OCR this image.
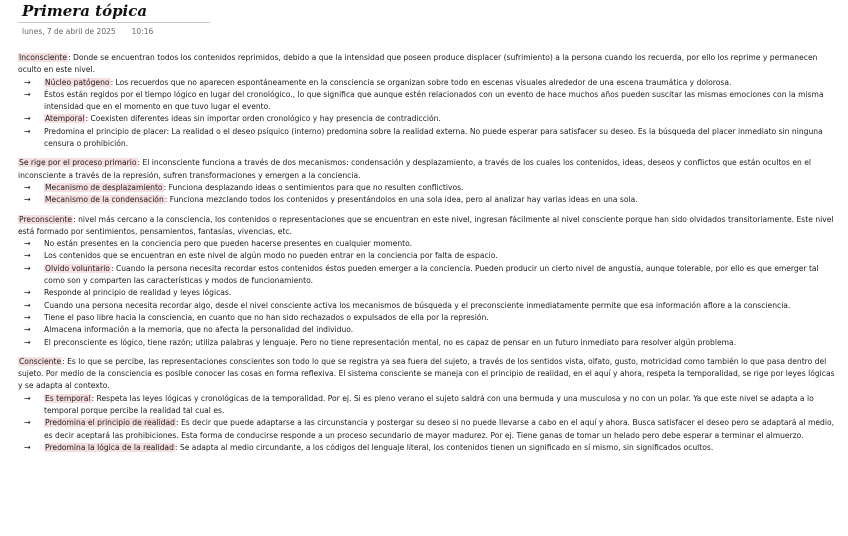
Primera tópica
lunes, 7 de abril de 2025 10:16

Inconsciente: Donde se encuentran todos los contenidos reprimidos, debido a que la intensidad que poseen produce displacer (sufrimiento) a la persona cuando los recuerda, por ello los reprime y permanecen oculto en este nivel.

→ Núcleo patógeno: Los recuerdos que no aparecen espontáneamente en la consciencia se organizan sobre todo en escenas visuales alrededor de una escena traumática y dolorosa.
→ Éstos están regidos por el tiempo lógico en lugar del cronológico., lo que significa que aunque estén relacionados con un evento de hace muchos años pueden suscitar las mismas emociones con la misma intensidad que en el momento en que tuvo lugar el evento.
→ Atemporal: Coexisten diferentes ideas sin importar orden cronológico y hay presencia de contradicción.
→ Predomina el principio de placer: La realidad o el deseo psíquico (interno) predomina sobre la realidad externa. No puede esperar para satisfacer su deseo. Es la búsqueda del placer inmediato sin ninguna censura o prohibición.

Se rige por el proceso primario: El inconsciente funciona a través de dos mecanismos: condensación y desplazamiento, a través de los cuales los contenidos, ideas, deseos y conflictos que están ocultos en el inconsciente a través de la represión, sufren transformaciones y emergen a la conciencia.

→ Mecanismo de desplazamiento: Funciona desplazando ideas o sentimientos para que no resulten conflictivos.
→ Mecanismo de la condensación: Funciona mezclando todos los contenidos y presentándolos en una sola idea, pero al analizar hay varias ideas en una sola.

Preconsciente: nivel más cercano a la consciencia, los contenidos o representaciones que se encuentran en este nivel, ingresan fácilmente al nivel consciente porque han sido olvidados transitoriamente. Este nivel está formado por sentimientos, pensamientos, fantasías, vivencias, etc.

→ No están presentes en la conciencia pero que pueden hacerse presentes en cualquier momento.
→ Los contenidos que se encuentran en este nivel de algún modo no pueden entrar en la conciencia por falta de espacio.
→ Olvido voluntario: Cuando la persona necesita recordar estos contenidos éstos pueden emerger a la conciencia. Pueden producir un cierto nivel de angustia, aunque tolerable, por ello es que emerger tal como son y comparten las características y modos de funcionamiento.
→ Responde al principio de realidad y leyes lógicas.
→ Cuando una persona necesita recordar algo, desde el nivel consciente activa los mecanismos de búsqueda y el preconsciente inmediatamente permite que esa información aflore a la consciencia.
→ Tiene el paso libre hacia la consciencia, en cuanto que no han sido rechazados o expulsados de ella por la represión.
→ Almacena información a la memoria, que no afecta la personalidad del individuo.
→ El preconsciente es lógico, tiene razón; utiliza palabras y lenguaje. Pero no tiene representación mental, no es capaz de pensar en un futuro inmediato para resolver algún problema.

Consciente: Es lo que se percibe, las representaciones conscientes son todo lo que se registra ya sea fuera del sujeto, a través de los sentidos vista, olfato, gusto, motricidad como también lo que pasa dentro del sujeto. Por medio de la consciencia es posible conocer las cosas en forma reflexiva. El sistema consciente se maneja con el principio de realidad, en el aquí y ahora, respeta la temporalidad, se rige por leyes lógicas y se adapta al contexto.

→ Es temporal: Respeta las leyes lógicas y cronológicas de la temporalidad. Por ej. Si es pleno verano el sujeto saldrá con una bermuda y una musculosa y no con un polar. Ya que este nivel se adapta a lo temporal porque percibe la realidad tal cual es.
→ Predomina el principio de realidad: Es decir que puede adaptarse a las circunstancia y postergar su deseo si no puede llevarse a cabo en el aquí y ahora. Busca satisfacer el deseo pero se adaptará al medio, es decir aceptará las prohibiciones. Esta forma de conducirse responde a un proceso secundario de mayor madurez. Por ej. Tiene ganas de tomar un helado pero debe esperar a terminar el almuerzo.
→ Predomina la lógica de la realidad: Se adapta al medio circundante, a los códigos del lenguaje literal, los contenidos tienen un significado en sí mismo, sin significados ocultos.
